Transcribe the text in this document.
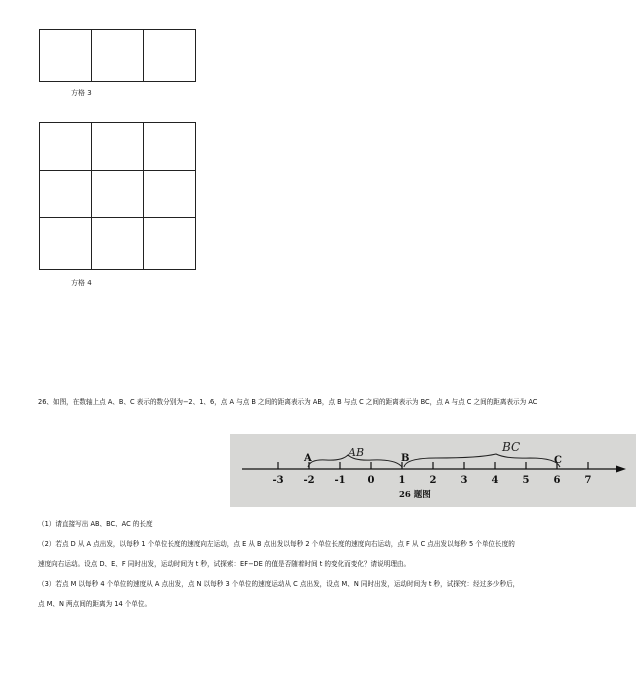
方格 3

方格 4
26、如图，在数轴上点 A、B、C 表示的数分别为−2、1、6，点 A 与点 B 之间的距离表示为 AB，点 B 与点 C 之间的距离表示为 BC，点 A 与点 C 之间的距离表示为 AC
-3 -2 -1 0 1 2 3 4 5 6 7
A	B	C
AB	BC
26 题图
（1）请直接写出 AB、BC、AC 的长度
（2）若点 D 从 A 点出发，以每秒 1 个单位长度的速度向左运动，点 E 从 B 点出发以每秒 2 个单位长度的速度向右运动，点 F 从 C 点出发以每秒 5 个单位长度的
速度向右运动。设点 D、E、F 同时出发，运动时间为 t 秒，试探索：EF−DE 的值是否随着时间 t 的变化而变化？请说明理由。
（3）若点 M 以每秒 4 个单位的速度从 A 点出发，点 N 以每秒 3 个单位的速度运动从 C 点出发，设点 M、N 同时出发，运动时间为 t 秒，试探究：经过多少秒后，
点 M、N 两点间的距离为 14 个单位。
